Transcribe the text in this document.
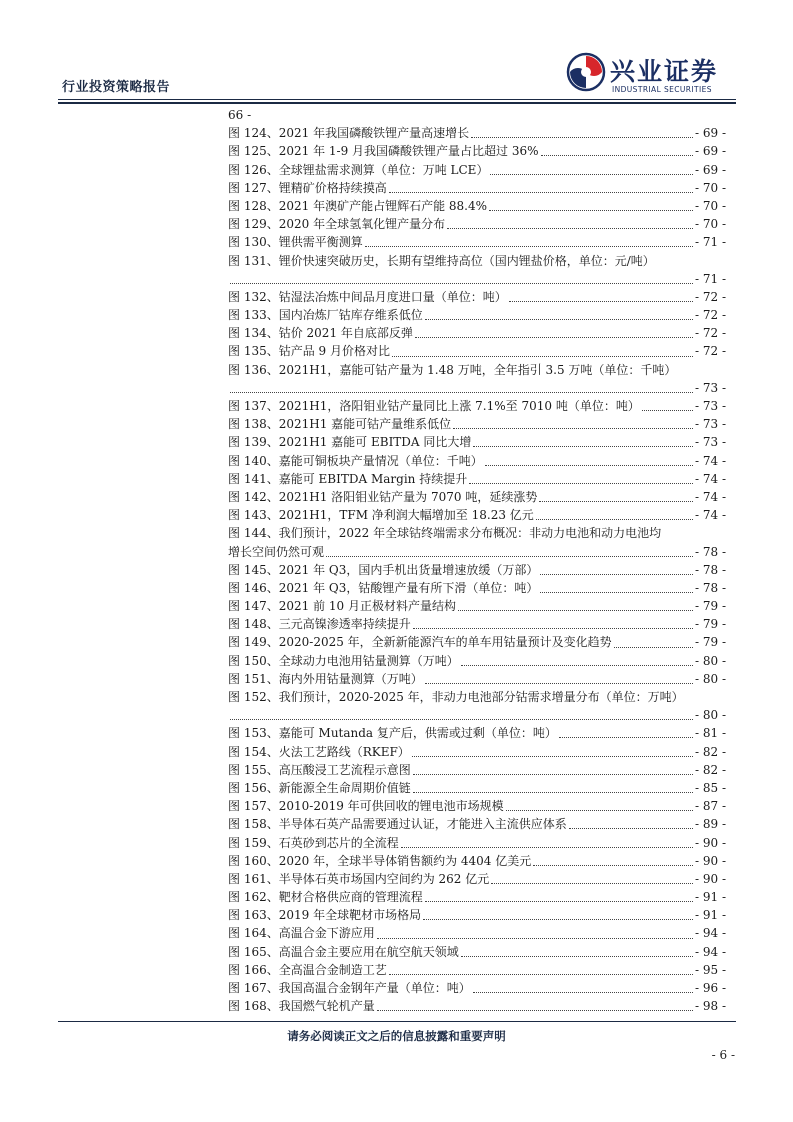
行业投资策略报告
兴业证券
INDUSTRIAL SECURITIES
66 -
图 124、2021 年我国磷酸铁锂产量高速增长	- 69 -
图 125、2021 年 1-9 月我国磷酸铁锂产量占比超过 36%	- 69 -
图 126、全球锂盐需求测算（单位：万吨 LCE）	- 69 -
图 127、锂精矿价格持续摸高	- 70 -
图 128、2021 年澳矿产能占锂辉石产能 88.4%	- 70 -
图 129、2020 年全球氢氧化锂产量分布	- 70 -
图 130、锂供需平衡测算	- 71 -
图 131、锂价快速突破历史，长期有望维持高位（国内锂盐价格，单位：元/吨）
- 71 -
图 132、钴湿法冶炼中间品月度进口量（单位：吨）	- 72 -
图 133、国内冶炼厂钴库存维系低位	- 72 -
图 134、钴价 2021 年自底部反弹	- 72 -
图 135、钴产品 9 月价格对比	- 72 -
图 136、2021H1，嘉能可钴产量为 1.48 万吨，全年指引 3.5 万吨（单位：千吨）
- 73 -
图 137、2021H1，洛阳钼业钴产量同比上涨 7.1%至 7010 吨（单位：吨）	- 73 -
图 138、2021H1 嘉能可钴产量维系低位	- 73 -
图 139、2021H1 嘉能可 EBITDA 同比大增	- 73 -
图 140、嘉能可铜板块产量情况（单位：千吨）	- 74 -
图 141、嘉能可 EBITDA Margin 持续提升	- 74 -
图 142、2021H1 洛阳钼业钴产量为 7070 吨，延续涨势	- 74 -
图 143、2021H1，TFM 净利润大幅增加至 18.23 亿元	- 74 -
图 144、我们预计，2022 年全球钴终端需求分布概况：非动力电池和动力电池均
增长空间仍然可观	- 78 -
图 145、2021 年 Q3，国内手机出货量增速放缓（万部）	- 78 -
图 146、2021 年 Q3，钴酸锂产量有所下滑（单位：吨）	- 78 -
图 147、2021 前 10 月正极材料产量结构	- 79 -
图 148、三元高镍渗透率持续提升	- 79 -
图 149、2020-2025 年，全新新能源汽车的单车用钴量预计及变化趋势	- 79 -
图 150、全球动力电池用钴量测算（万吨）	- 80 -
图 151、海内外用钴量测算（万吨）	- 80 -
图 152、我们预计，2020-2025 年，非动力电池部分钴需求增量分布（单位：万吨）
- 80 -
图 153、嘉能可 Mutanda 复产后，供需或过剩（单位：吨）	- 81 -
图 154、火法工艺路线（RKEF）	- 82 -
图 155、高压酸浸工艺流程示意图	- 82 -
图 156、新能源全生命周期价值链	- 85 -
图 157、2010-2019 年可供回收的锂电池市场规模	- 87 -
图 158、半导体石英产品需要通过认证，才能进入主流供应体系	- 89 -
图 159、石英砂到芯片的全流程	- 90 -
图 160、2020 年，全球半导体销售额约为 4404 亿美元	- 90 -
图 161、半导体石英市场国内空间约为 262 亿元	- 90 -
图 162、靶材合格供应商的管理流程	- 91 -
图 163、2019 年全球靶材市场格局	- 91 -
图 164、高温合金下游应用	- 94 -
图 165、高温合金主要应用在航空航天领域	- 94 -
图 166、全高温合金制造工艺	- 95 -
图 167、我国高温合金钢年产量（单位：吨）	- 96 -
图 168、我国燃气轮机产量	- 98 -
请务必阅读正文之后的信息披露和重要声明
- 6 -
